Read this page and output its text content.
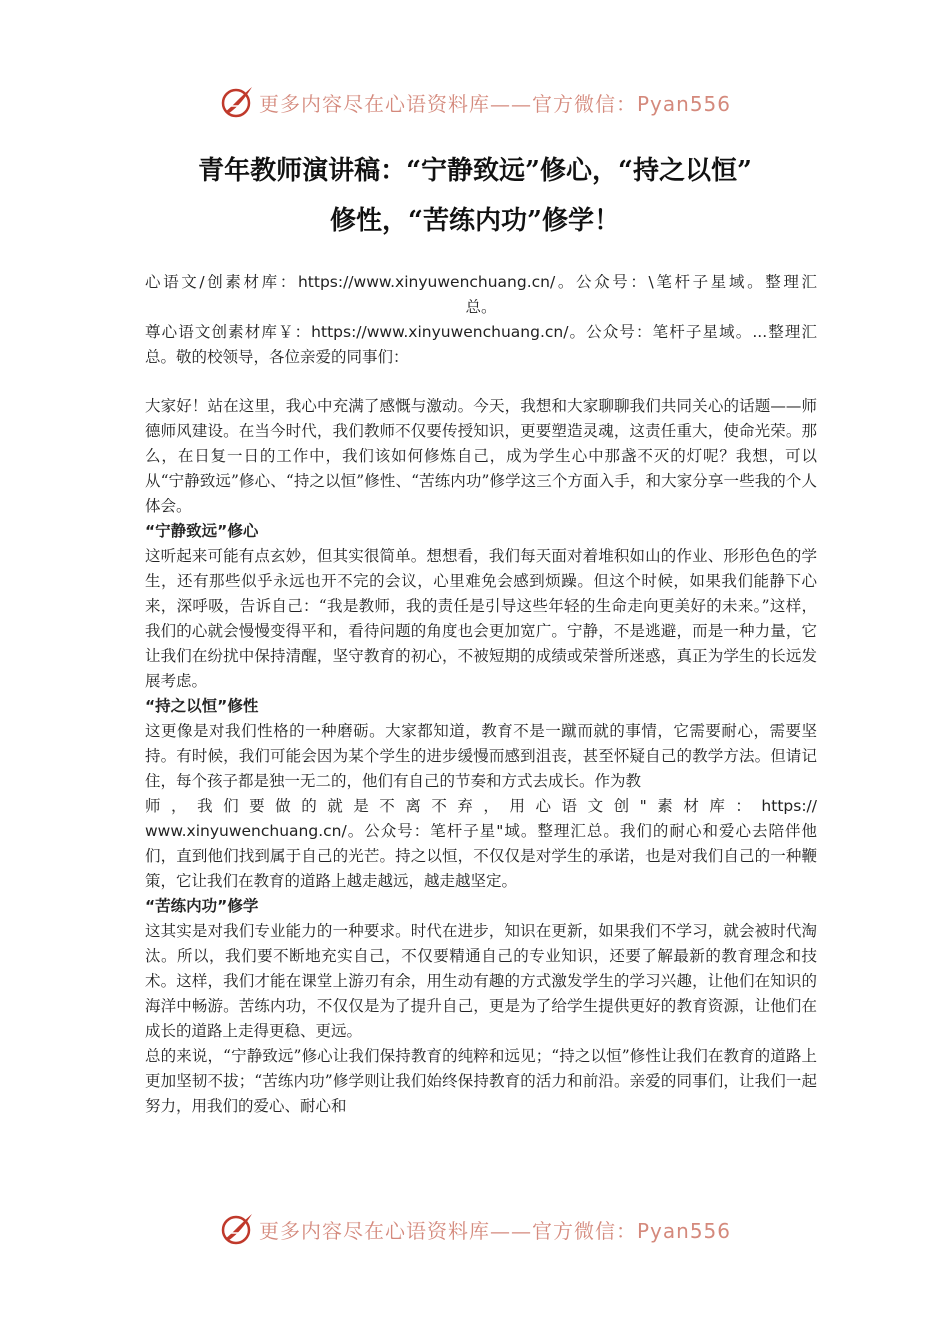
更多内容尽在心语资料库——官方微信：Pyan556
青年教师演讲稿：“宁静致远”修心，“持之以恒”
修性，“苦练内功”修学！

心语文/创素材库：https://www.xinyuwenchuang.cn/。公众号：\笔杆子星域。整理汇

总。

尊心语文创素材库￥：https://www.xinyuwenchuang.cn/。公众号：笔杆子星域。...整理汇总。敬的校领导，各位亲爱的同事们：

大家好！站在这里，我心中充满了感慨与激动。今天，我想和大家聊聊我们共同关心的话题——师德师风建设。在当今时代，我们教师不仅要传授知识，更要塑造灵魂，这责任重大，使命光荣。那么，在日复一日的工作中，我们该如何修炼自己，成为学生心中那盏不灭的灯呢？我想，可以从“宁静致远”修心、“持之以恒”修性、“苦练内功”修学这三个方面入手，和大家分享一些我的个人体会。

“宁静致远”修心

这听起来可能有点玄妙，但其实很简单。想想看，我们每天面对着堆积如山的作业、形形色色的学生，还有那些似乎永远也开不完的会议，心里难免会感到烦躁。但这个时候，如果我们能静下心来，深呼吸，告诉自己：“我是教师，我的责任是引导这些年轻的生命走向更美好的未来。”这样，我们的心就会慢慢变得平和，看待问题的角度也会更加宽广。宁静，不是逃避，而是一种力量，它让我们在纷扰中保持清醒，坚守教育的初心，不被短期的成绩或荣誉所迷惑，真正为学生的长远发展考虑。

“持之以恒”修性

这更像是对我们性格的一种磨砺。大家都知道，教育不是一蹴而就的事情，它需要耐心，需要坚持。有时候，我们可能会因为某个学生的进步缓慢而感到沮丧，甚至怀疑自己的教学方法。但请记住，每个孩子都是独一无二的，他们有自己的节奏和方式去成长。作为教

师，我们要做的就是不离不弃，用心语文创"素材库：https://

www.xinyuwenchuang.cn/。公众号：笔杆子星"域。整理汇总。我们的耐心和爱心去陪伴他们，直到他们找到属于自己的光芒。持之以恒，不仅仅是对学生的承诺，也是对我们自己的一种鞭策，它让我们在教育的道路上越走越远，越走越坚定。

“苦练内功”修学

这其实是对我们专业能力的一种要求。时代在进步，知识在更新，如果我们不学习，就会被时代淘汰。所以，我们要不断地充实自己，不仅要精通自己的专业知识，还要了解最新的教育理念和技术。这样，我们才能在课堂上游刃有余，用生动有趣的方式激发学生的学习兴趣，让他们在知识的海洋中畅游。苦练内功，不仅仅是为了提升自己，更是为了给学生提供更好的教育资源，让他们在成长的道路上走得更稳、更远。

总的来说，“宁静致远”修心让我们保持教育的纯粹和远见；“持之以恒”修性让我们在教育的道路上更加坚韧不拔；“苦练内功”修学则让我们始终保持教育的活力和前沿。亲爱的同事们，让我们一起努力，用我们的爱心、耐心和

更多内容尽在心语资料库——官方微信：Pyan556
